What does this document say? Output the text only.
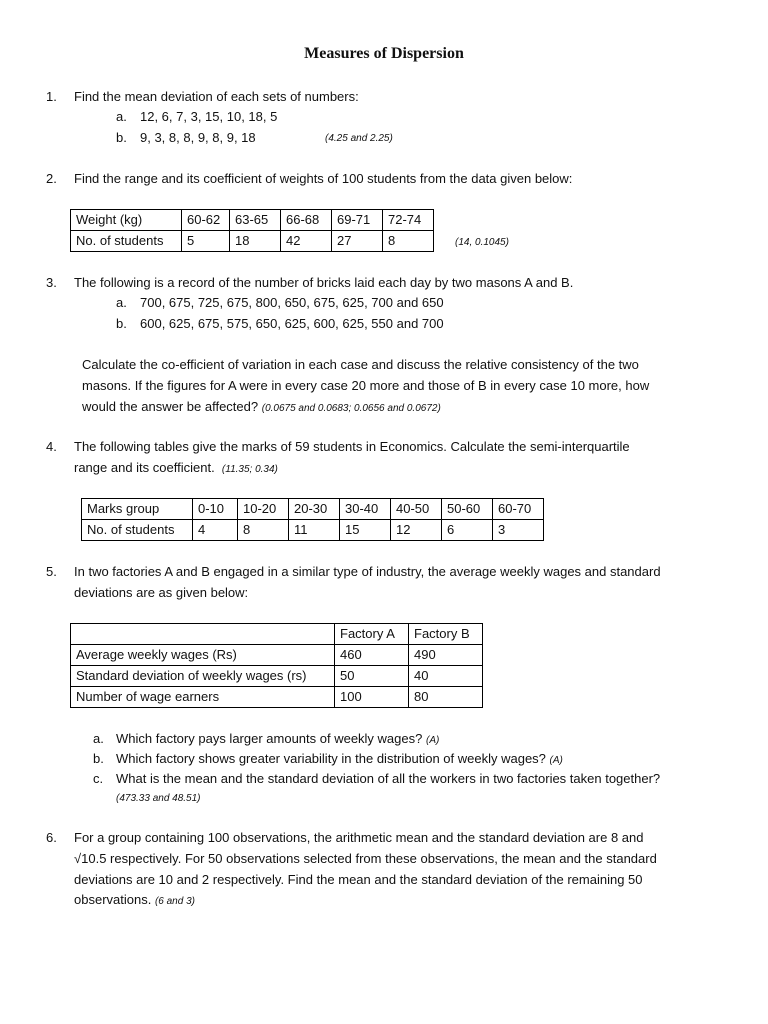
Measures of Dispersion
1. Find the mean deviation of each sets of numbers:
a. 12, 6, 7, 3, 15, 10, 18, 5
b. 9, 3, 8, 8, 9, 8, 9, 18	(4.25 and 2.25)
2. Find the range and its coefficient of weights of 100 students from the data given below:
Weight (kg)	60-62	63-65	66-68	69-71	72-74
No. of students	5	18	42	27	8	(14, 0.1045)
3. The following is a record of the number of bricks laid each day by two masons A and B.
a. 700, 675, 725, 675, 800, 650, 675, 625, 700 and 650
b. 600, 625, 675, 575, 650, 625, 600, 625, 550 and 700
Calculate the co-efficient of variation in each case and discuss the relative consistency of the two
masons. If the figures for A were in every case 20 more and those of B in every case 10 more, how
would the answer be affected? (0.0675 and 0.0683; 0.0656 and 0.0672)
4. The following tables give the marks of 59 students in Economics. Calculate the semi-interquartile
range and its coefficient. (11.35; 0.34)
Marks group	0-10	10-20	20-30	30-40	40-50	50-60	60-70
No. of students	4	8	11	15	12	6	3
5. In two factories A and B engaged in a similar type of industry, the average weekly wages and standard
deviations are as given below:
	Factory A	Factory B
Average weekly wages (Rs)	460	490
Standard deviation of weekly wages (rs)	50	40
Number of wage earners	100	80
a. Which factory pays larger amounts of weekly wages? (A)
b. Which factory shows greater variability in the distribution of weekly wages? (A)
c. What is the mean and the standard deviation of all the workers in two factories taken together?
(473.33 and 48.51)
6. For a group containing 100 observations, the arithmetic mean and the standard deviation are 8 and
√10.5 respectively. For 50 observations selected from these observations, the mean and the standard
deviations are 10 and 2 respectively. Find the mean and the standard deviation of the remaining 50
observations. (6 and 3)
